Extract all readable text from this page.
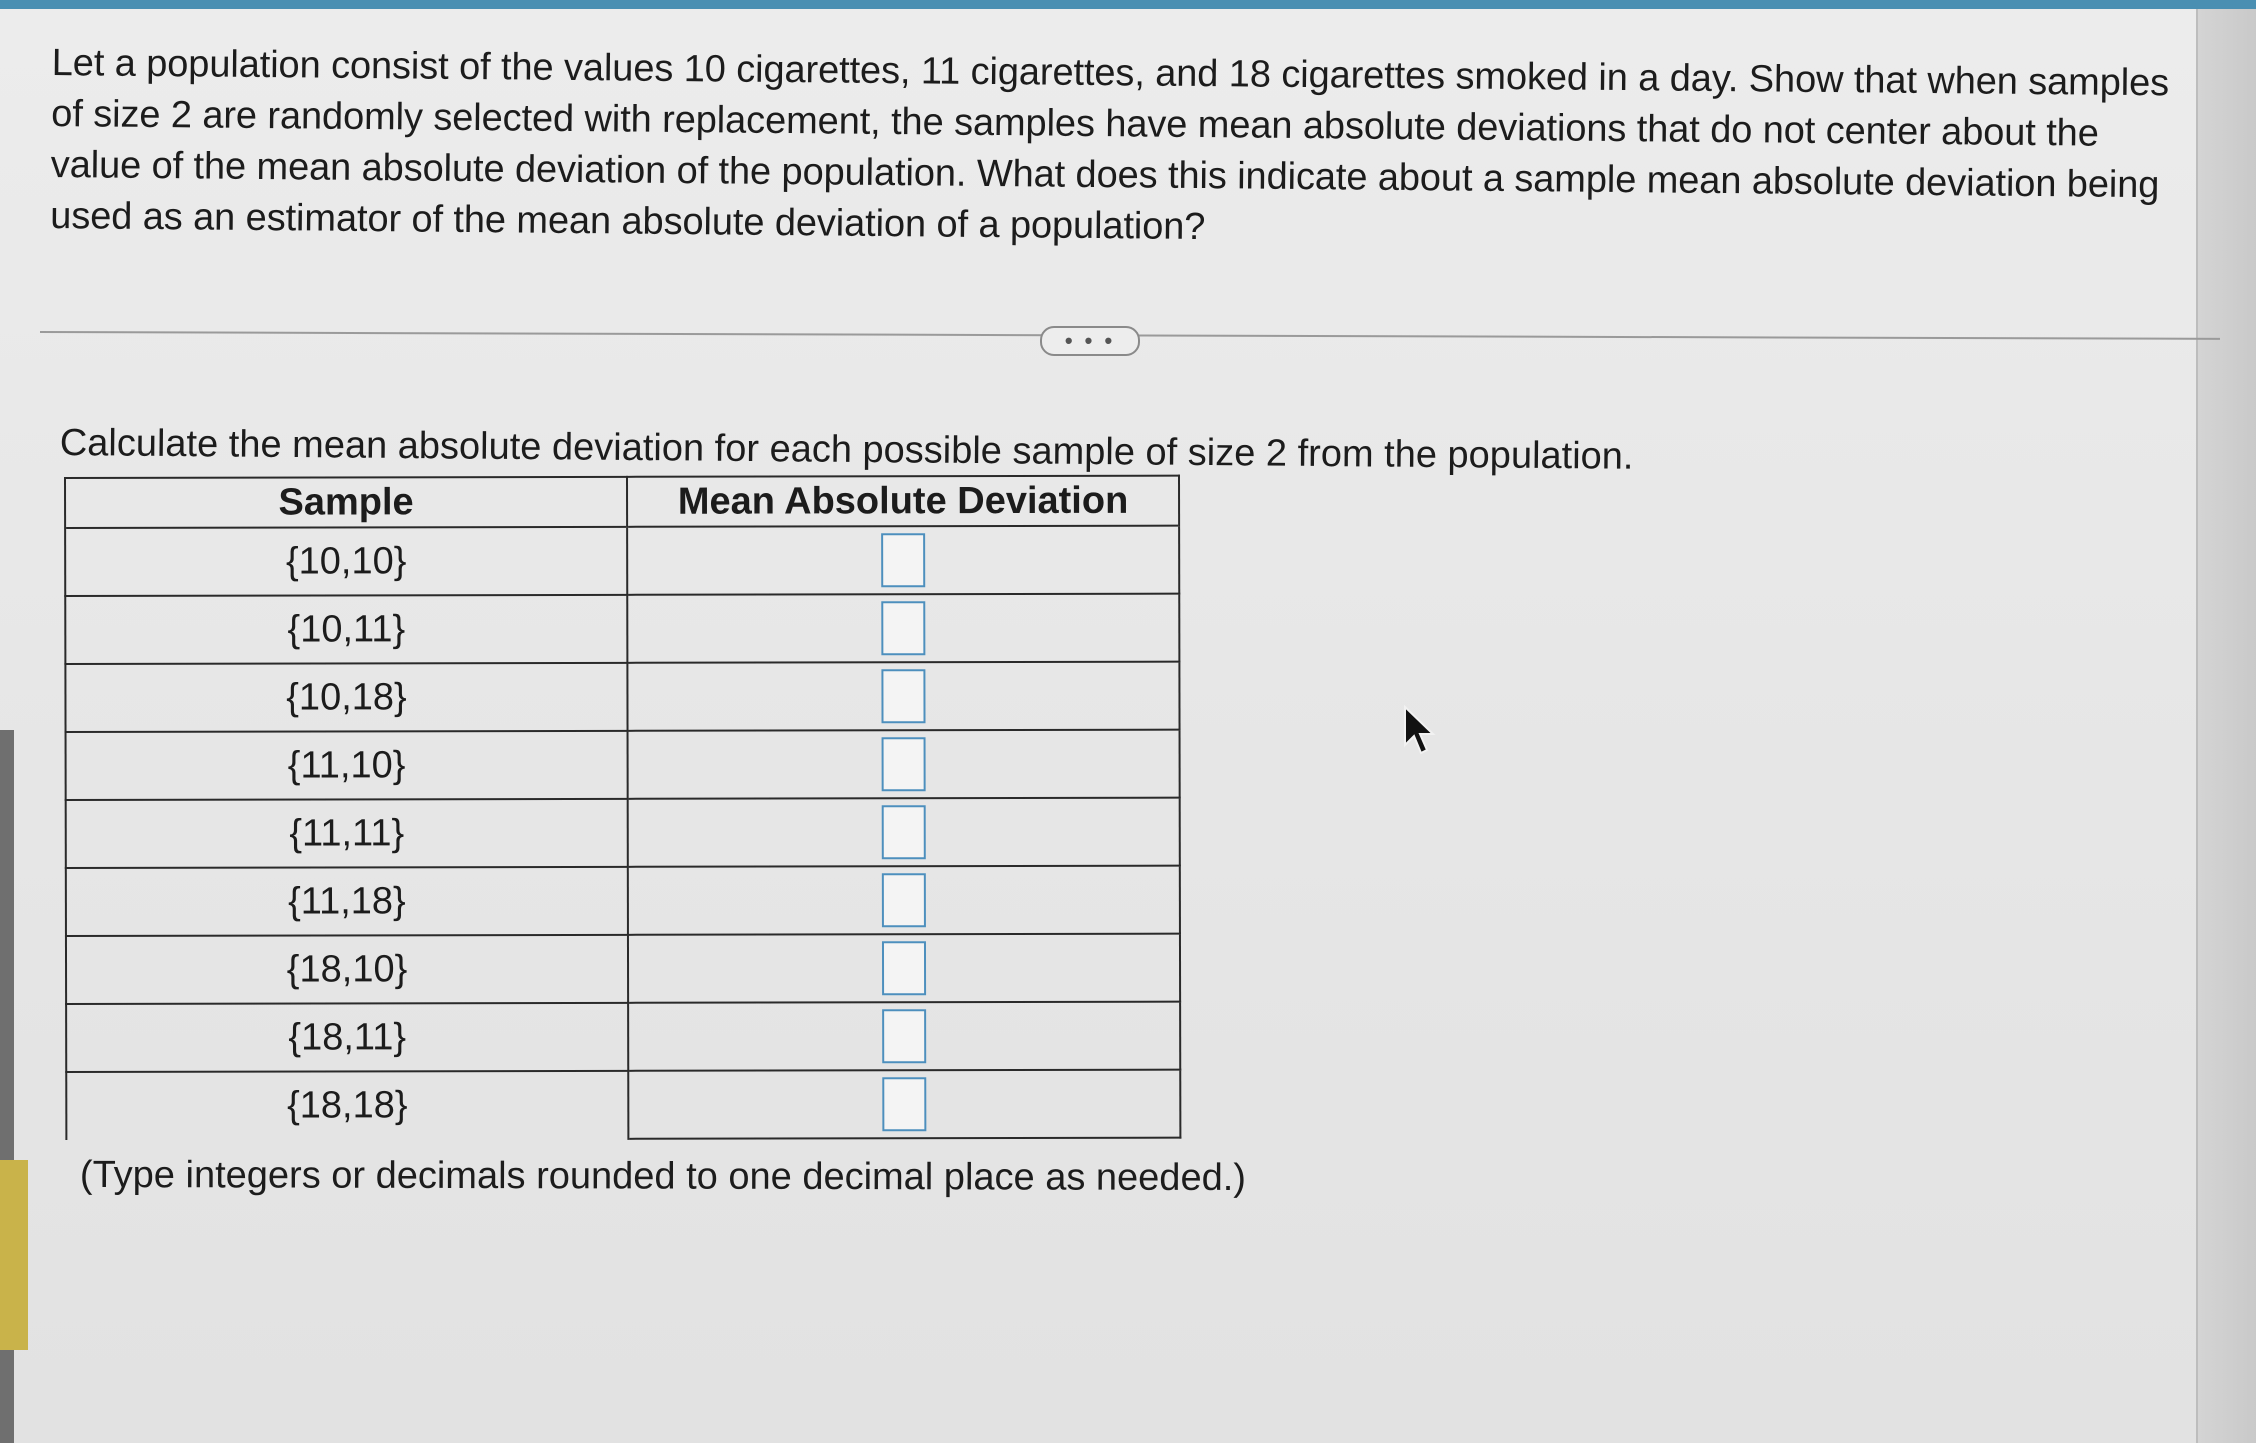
Let a population consist of the values 10 cigarettes, 11 cigarettes, and 18 cigarettes smoked in a day. Show that when samples of size 2 are randomly selected with replacement, the samples have mean absolute deviations that do not center about the value of the mean absolute deviation of the population. What does this indicate about a sample mean absolute deviation being used as an estimator of the mean absolute deviation of a population?
• • •
Calculate the mean absolute deviation for each possible sample of size 2 from the population.
Sample	Mean Absolute Deviation
{10,10}	
{10,11}	
{10,18}	
{11,10}	
{11,11}	
{11,18}	
{18,10}	
{18,11}	
{18,18}	
(Type integers or decimals rounded to one decimal place as needed.)
